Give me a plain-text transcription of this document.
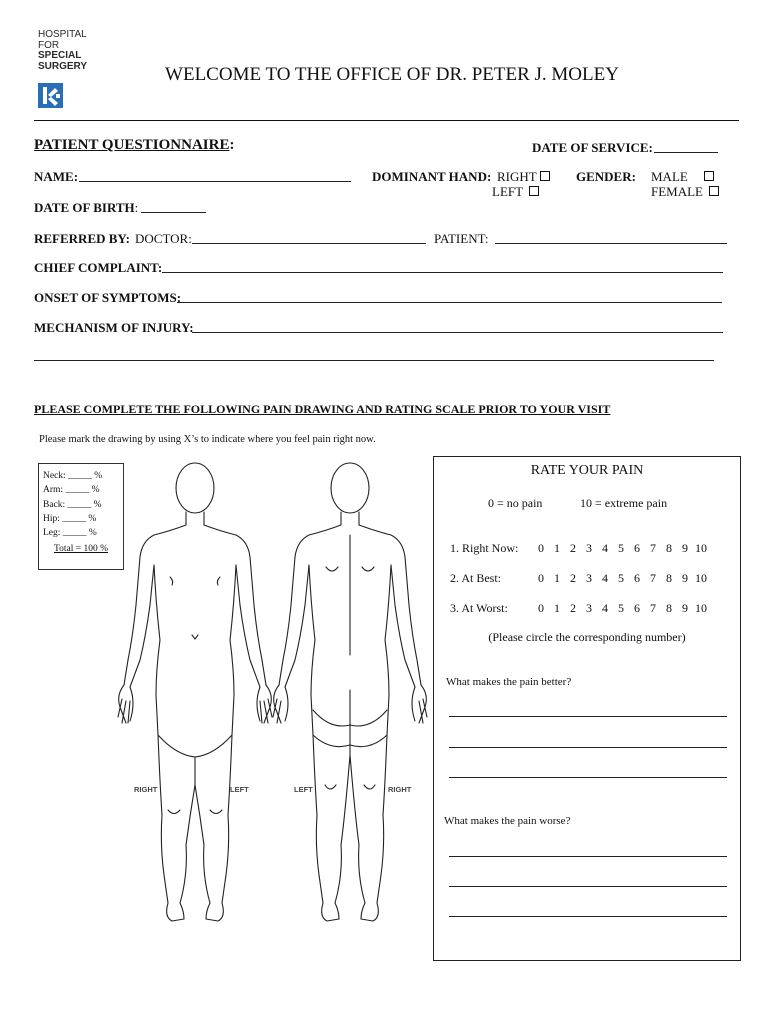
HOSPITAL
FOR
SPECIAL
SURGERY	WELCOME TO THE OFFICE OF DR. PETER J. MOLEY
PATIENT QUESTIONNAIRE:	DATE OF SERVICE:
NAME:	DOMINANT HAND: RIGHT
LEFT
GENDER: MALE
FEMALE
DATE OF BIRTH:
REFERRED BY: DOCTOR:	PATIENT:
CHIEF COMPLAINT:
ONSET OF SYMPTOMS:
MECHANISM OF INJURY:
PLEASE COMPLETE THE FOLLOWING PAIN DRAWING AND RATING SCALE PRIOR TO YOUR VISIT
Please mark the drawing by using X’s to indicate where you feel pain right now.
RIGHT	LEFT	LEFT	RIGHT
Neck: _____ %
Arm: _____ %
Back: _____ %
Hip: _____ %
Leg: _____ %
Total = 100 %
RATE YOUR PAIN
0 = no pain	10 = extreme pain
1. Right Now:	0 1 2 3 4 5 6 7 8 9 10
2. At Best:	0 1 2 3 4 5 6 7 8 9 10
3. At Worst:	0 1 2 3 4 5 6 7 8 9 10
(Please circle the corresponding number)
What makes the pain better?
What makes the pain worse?
